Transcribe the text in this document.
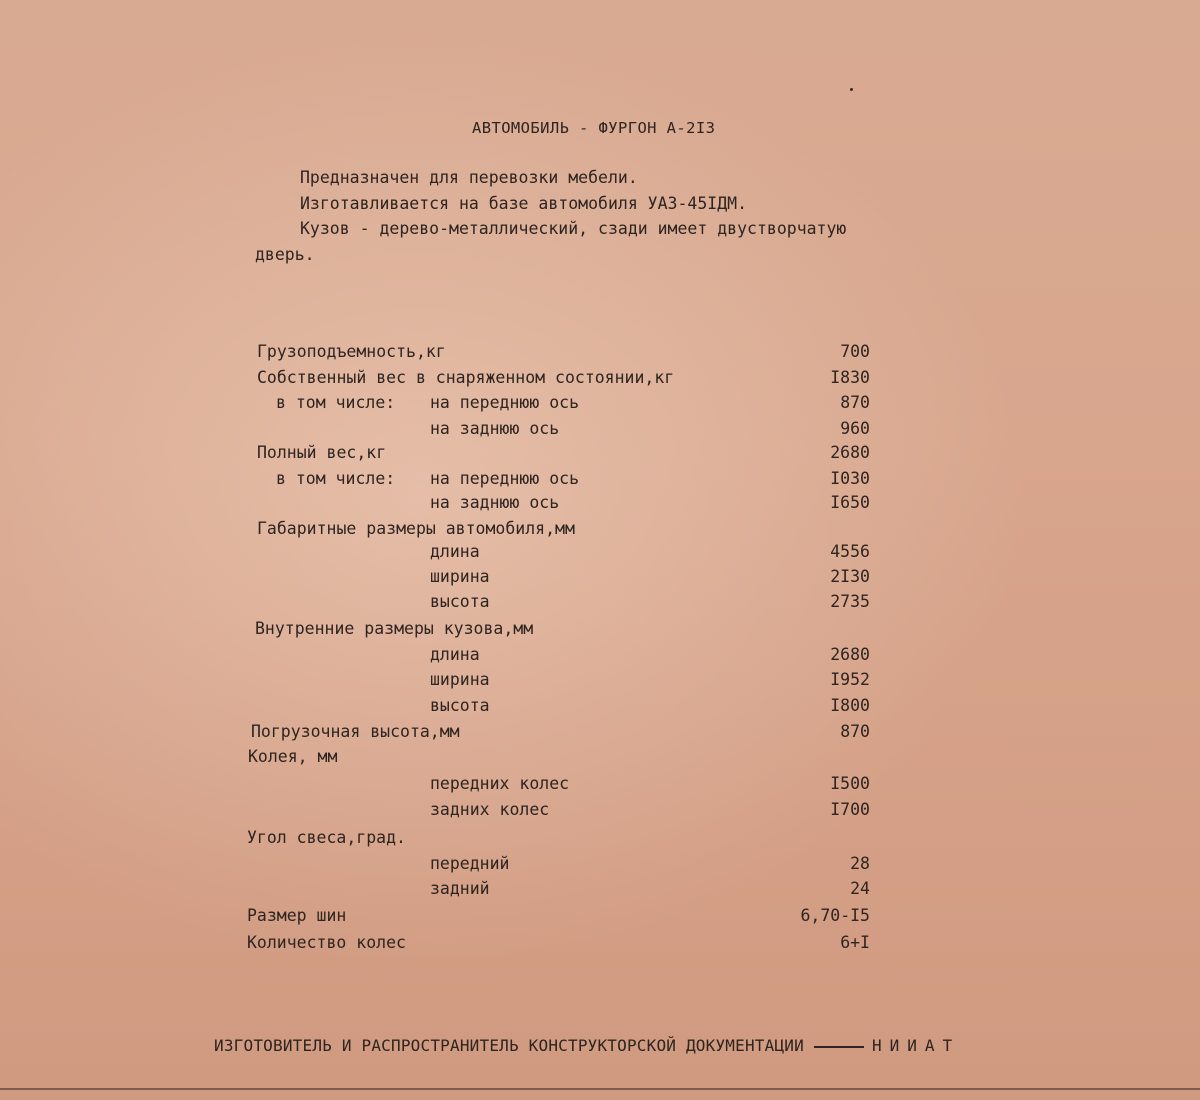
АВТОМОБИЛЬ - ФУРГОН А-2I3

Предназначен для перевозки мебели.

Изготавливается на базе автомобиля УАЗ-45IДМ.

Кузов - дерево-металлический, сзади имеет двустворчатую дверь.

Грузоподъемность,кг	700
Собственный вес в снаряженном состоянии,кг	I830
в том числе: на переднюю ось	870
на заднюю ось	960
Полный вес,кг	2680
в том числе: на переднюю ось	I030
на заднюю ось	I650
Габаритные размеры автомобиля,мм
длина	4556
ширина	2I30
высота	2735
Внутренние размеры кузова,мм
длина	2680
ширина	I952
высота	I800
Погрузочная высота,мм	870
Колея, мм
передних колес	I500
задних колес	I700
Угол свеса,град.
передний	28
задний	24
Размер шин	6,70-I5
Количество колес	6+I
ИЗГОТОВИТЕЛЬ И РАСПРОСТРАНИТЕЛЬ КОНСТРУКТОРСКОЙ ДОКУМЕНТАЦИИ	НИИАТ
